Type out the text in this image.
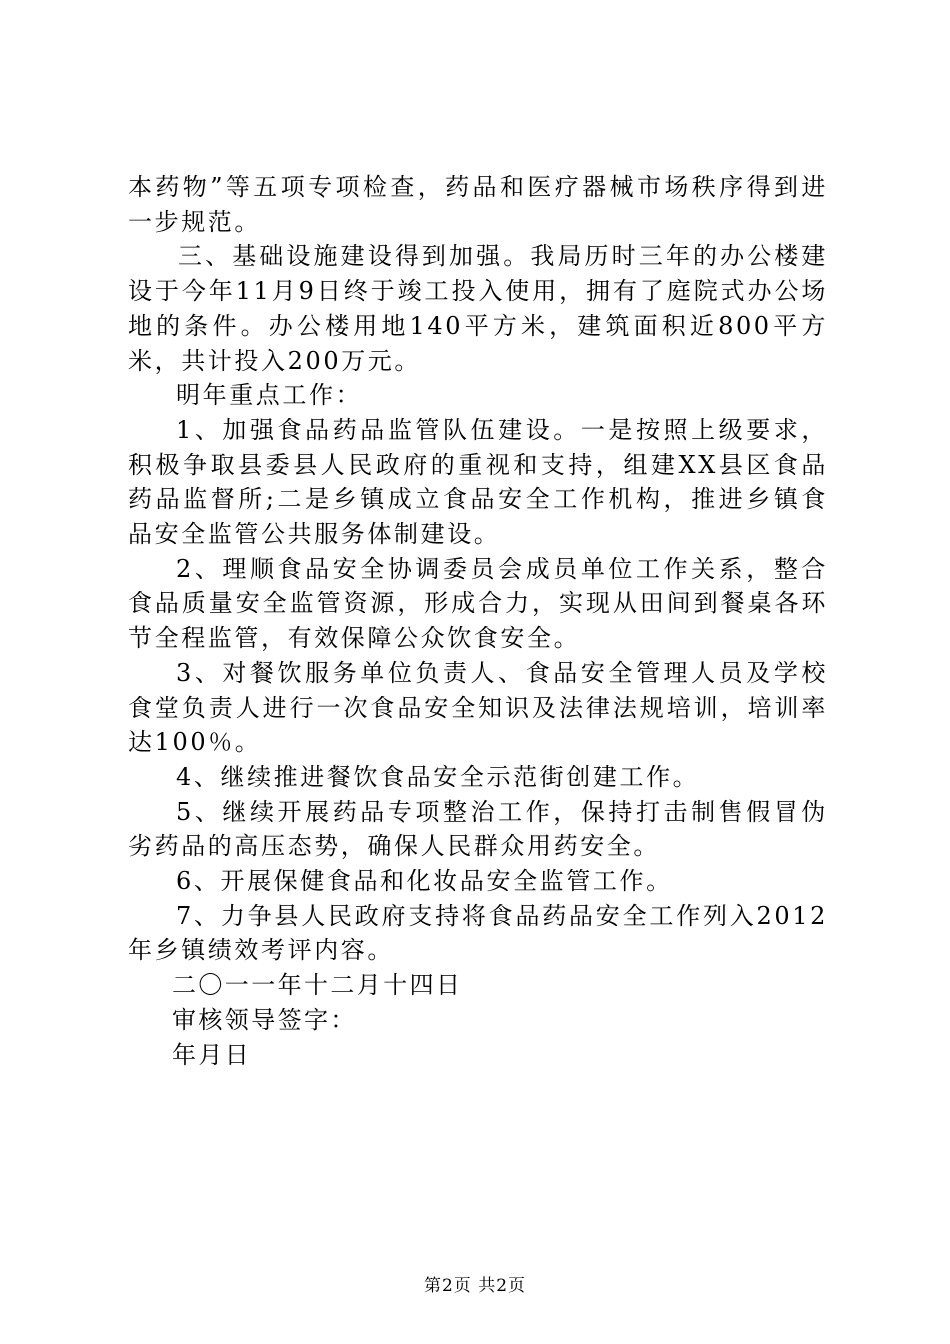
本药物”等五项专项检查，药品和医疗器械市场秩序得到进一步规范。

三、基础设施建设得到加强。我局历时三年的办公楼建设于今年11月9日终于竣工投入使用，拥有了庭院式办公场地的条件。办公楼用地140平方米，建筑面积近800平方米，共计投入200万元。

明年重点工作：

1、加强食品药品监管队伍建设。一是按照上级要求，积极争取县委县人民政府的重视和支持，组建XX县区食品药品监督所;二是乡镇成立食品安全工作机构，推进乡镇食品安全监管公共服务体制建设。

2、理顺食品安全协调委员会成员单位工作关系，整合食品质量安全监管资源，形成合力，实现从田间到餐桌各环节全程监管，有效保障公众饮食安全。

3、对餐饮服务单位负责人、食品安全管理人员及学校食堂负责人进行一次食品安全知识及法律法规培训，培训率达100％。

4、继续推进餐饮食品安全示范街创建工作。

5、继续开展药品专项整治工作，保持打击制售假冒伪劣药品的高压态势，确保人民群众用药安全。

6、开展保健食品和化妆品安全监管工作。

7、力争县人民政府支持将食品药品安全工作列入2012年乡镇绩效考评内容。

二〇一一年十二月十四日

审核领导签字：

年月日

第2页 共2页
